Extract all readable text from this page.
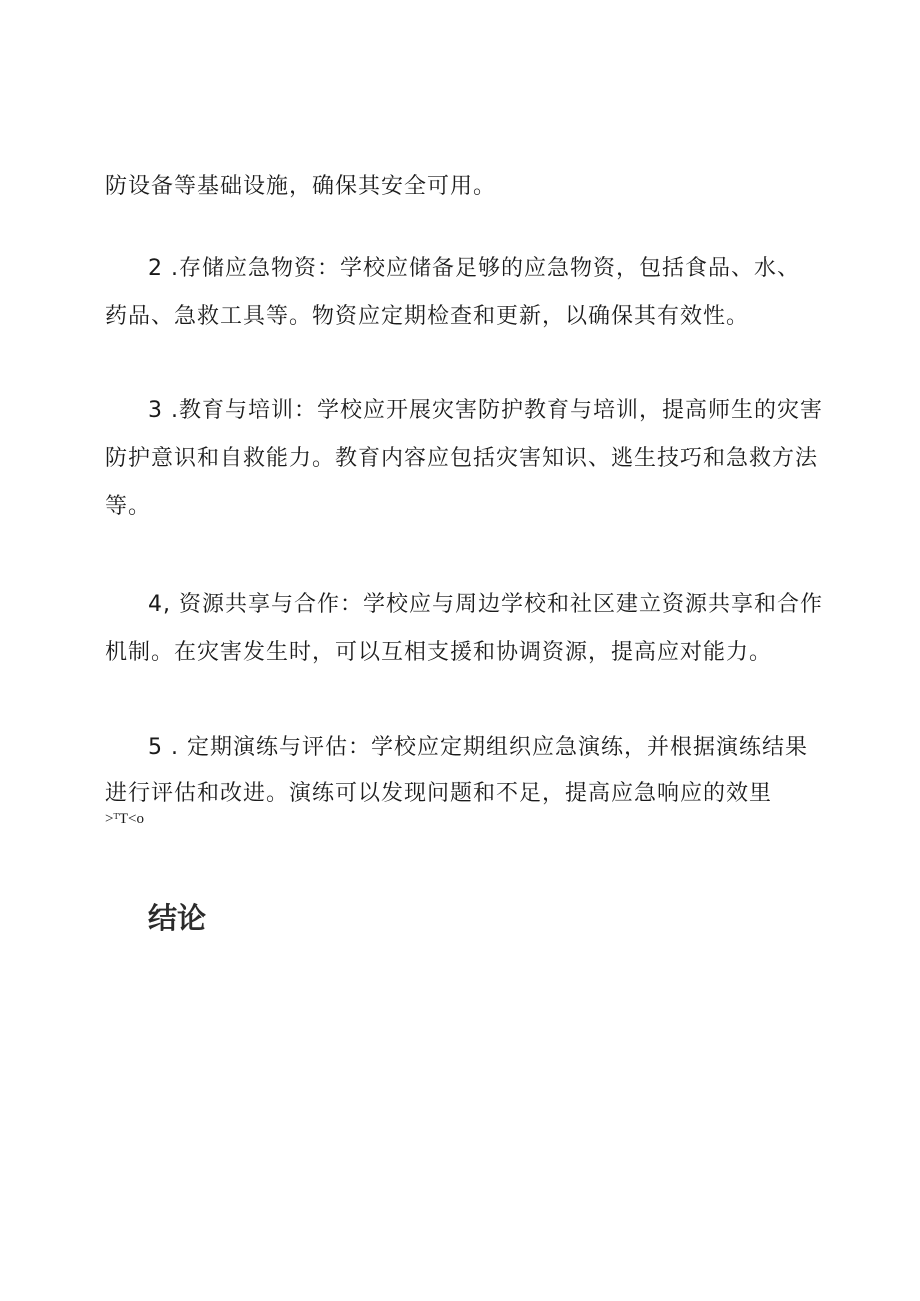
防设备等基础设施，确保其安全可用。
2 .存储应急物资：学校应储备足够的应急物资，包括食品、水、
药品、急救工具等。物资应定期检查和更新，以确保其有效性。
3 .教育与培训：学校应开展灾害防护教育与培训，提高师生的灾害
防护意识和自救能力。教育内容应包括灾害知识、逃生技巧和急救方法
等。
4, 资源共享与合作：学校应与周边学校和社区建立资源共享和合作
机制。在灾害发生时，可以互相支援和协调资源，提高应对能力。
5 . 定期演练与评估：学校应定期组织应急演练，并根据演练结果
进行评估和改进。演练可以发现问题和不足，提高应急响应的效里
>ᵀT<o
结论
